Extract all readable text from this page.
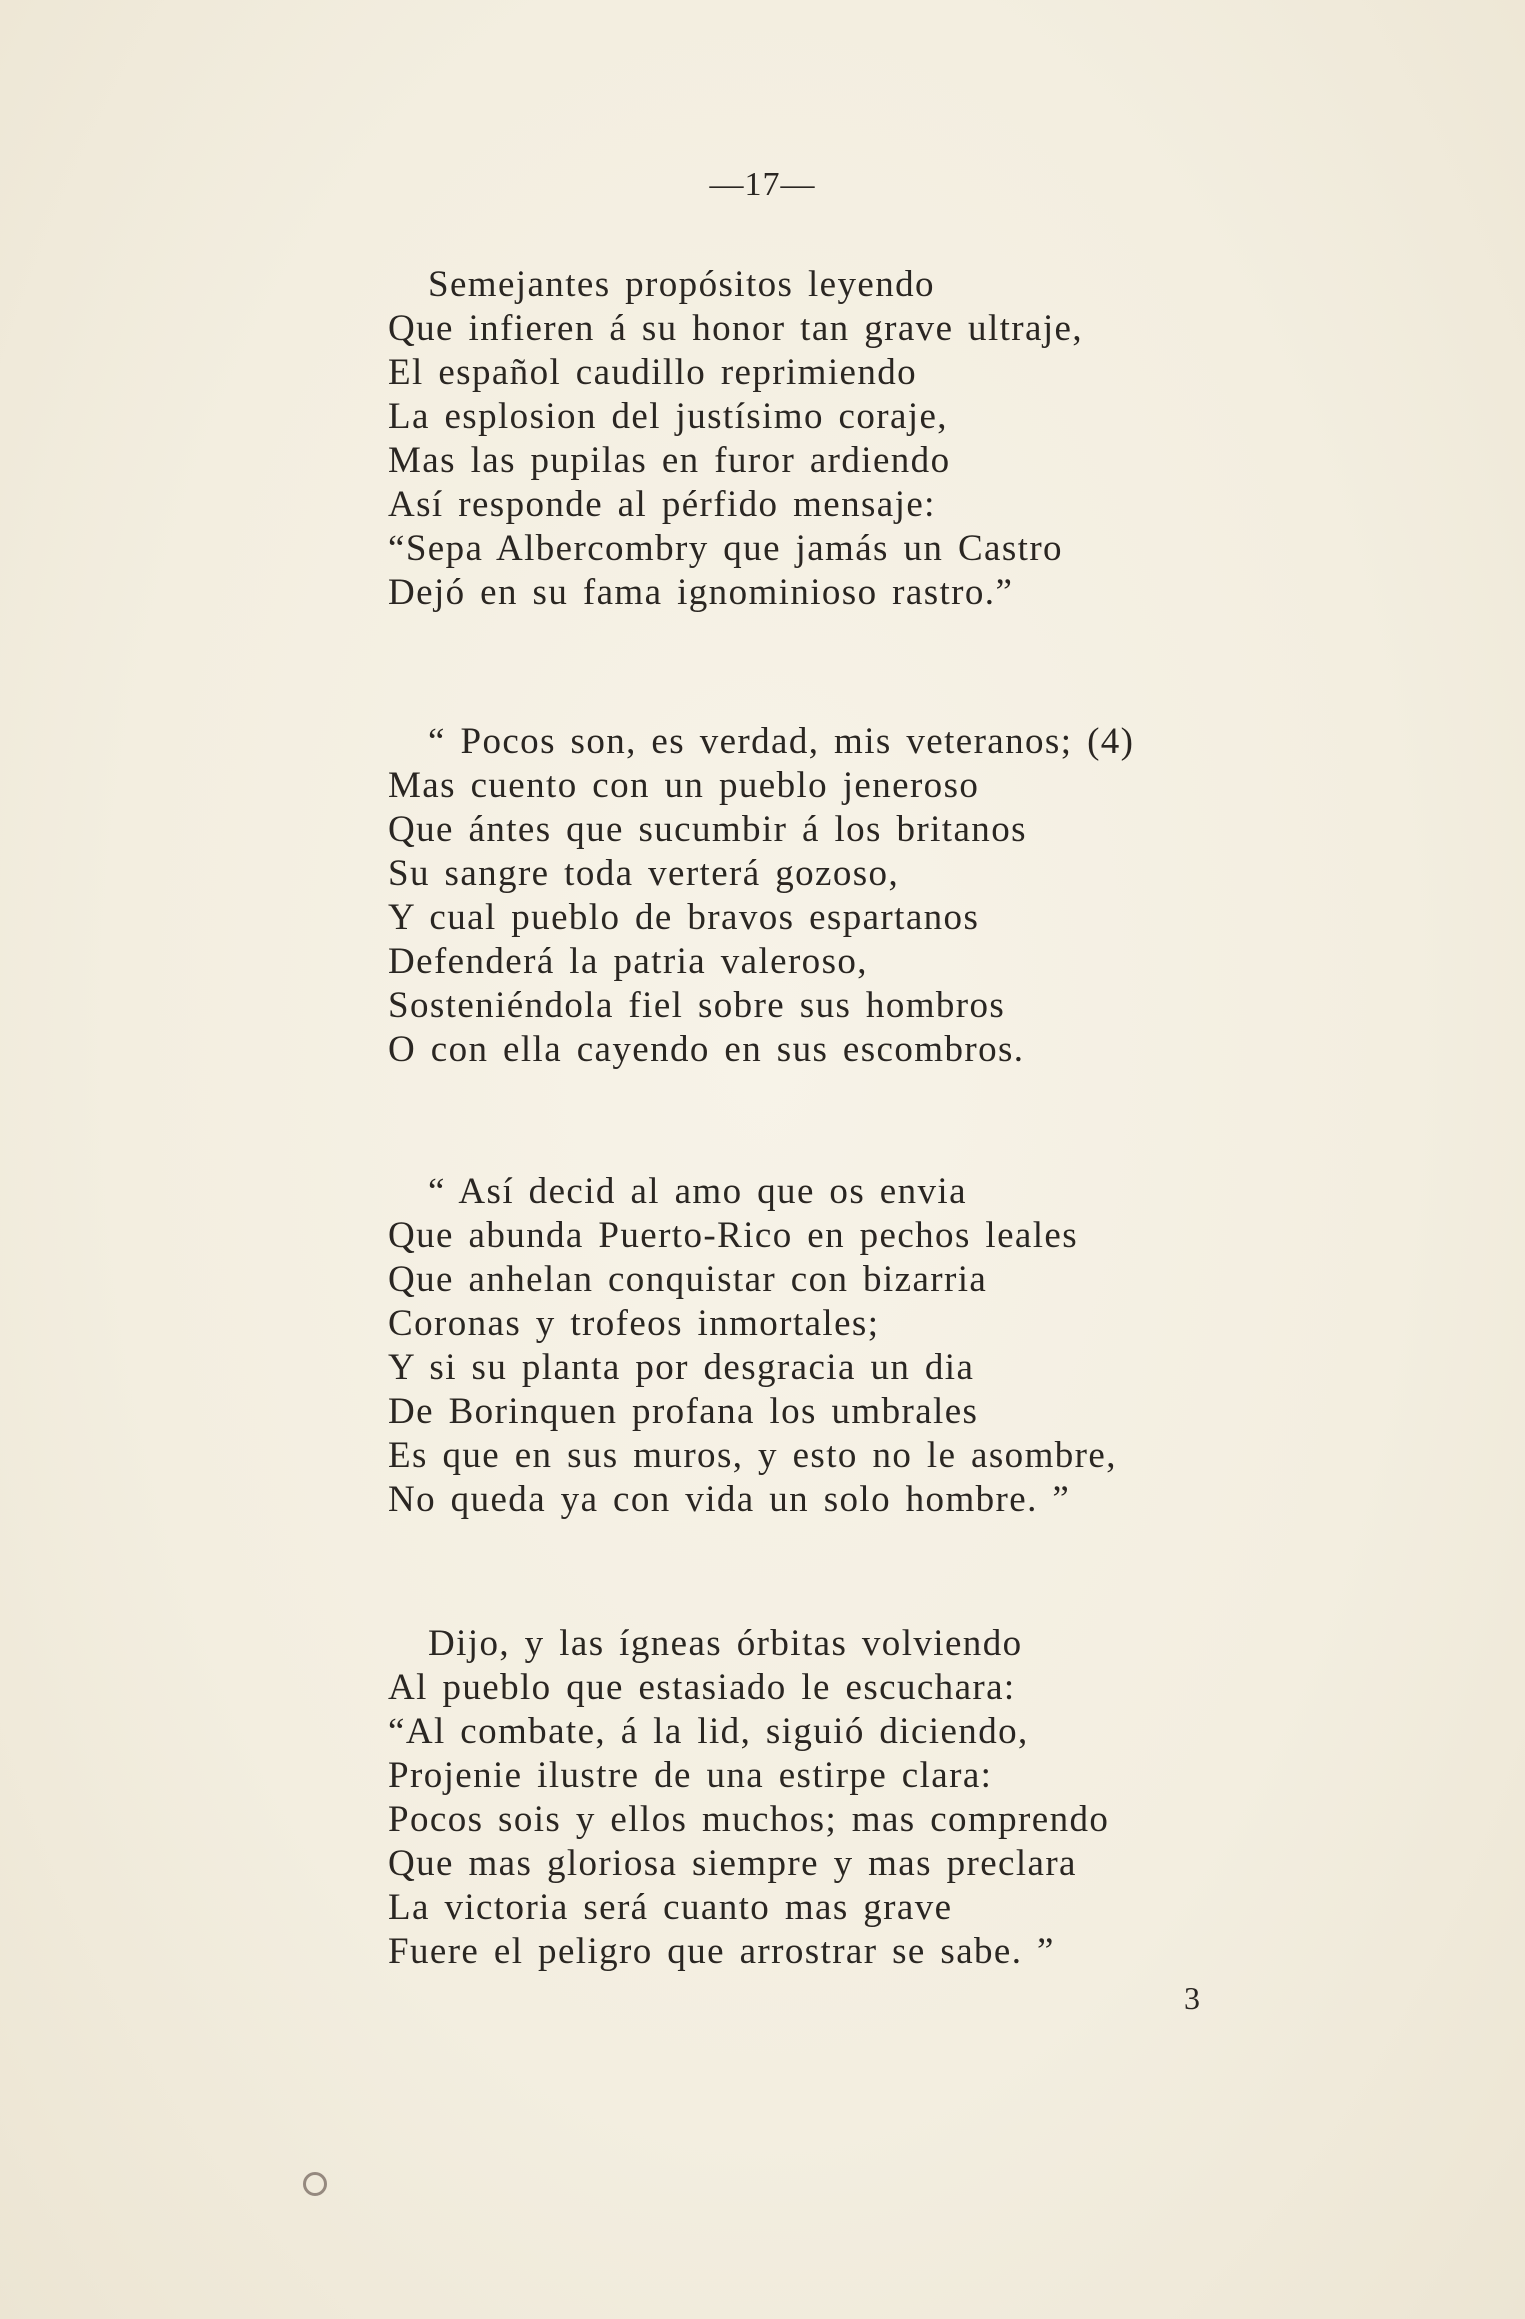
—17—
Semejantes propósitos leyendo
Que infieren á su honor tan grave ultraje,
El español caudillo reprimiendo
La esplosion del justísimo coraje,
Mas las pupilas en furor ardiendo
Así responde al pérfido mensaje:
“Sepa Albercombry que jamás un Castro
Dejó en su fama ignominioso rastro.”
“ Pocos son, es verdad, mis veteranos; (4)
Mas cuento con un pueblo jeneroso
Que ántes que sucumbir á los britanos
Su sangre toda verterá gozoso,
Y cual pueblo de bravos espartanos
Defenderá la patria valeroso,
Sosteniéndola fiel sobre sus hombros
O con ella cayendo en sus escombros.
“ Así decid al amo que os envia
Que abunda Puerto-Rico en pechos leales
Que anhelan conquistar con bizarria
Coronas y trofeos inmortales;
Y si su planta por desgracia un dia
De Borinquen profana los umbrales
Es que en sus muros, y esto no le asombre,
No queda ya con vida un solo hombre. ”
Dijo, y las ígneas órbitas volviendo
Al pueblo que estasiado le escuchara:
“Al combate, á la lid, siguió diciendo,
Projenie ilustre de una estirpe clara:
Pocos sois y ellos muchos; mas comprendo
Que mas gloriosa siempre y mas preclara
La victoria será cuanto mas grave
Fuere el peligro que arrostrar se sabe. ”
3
